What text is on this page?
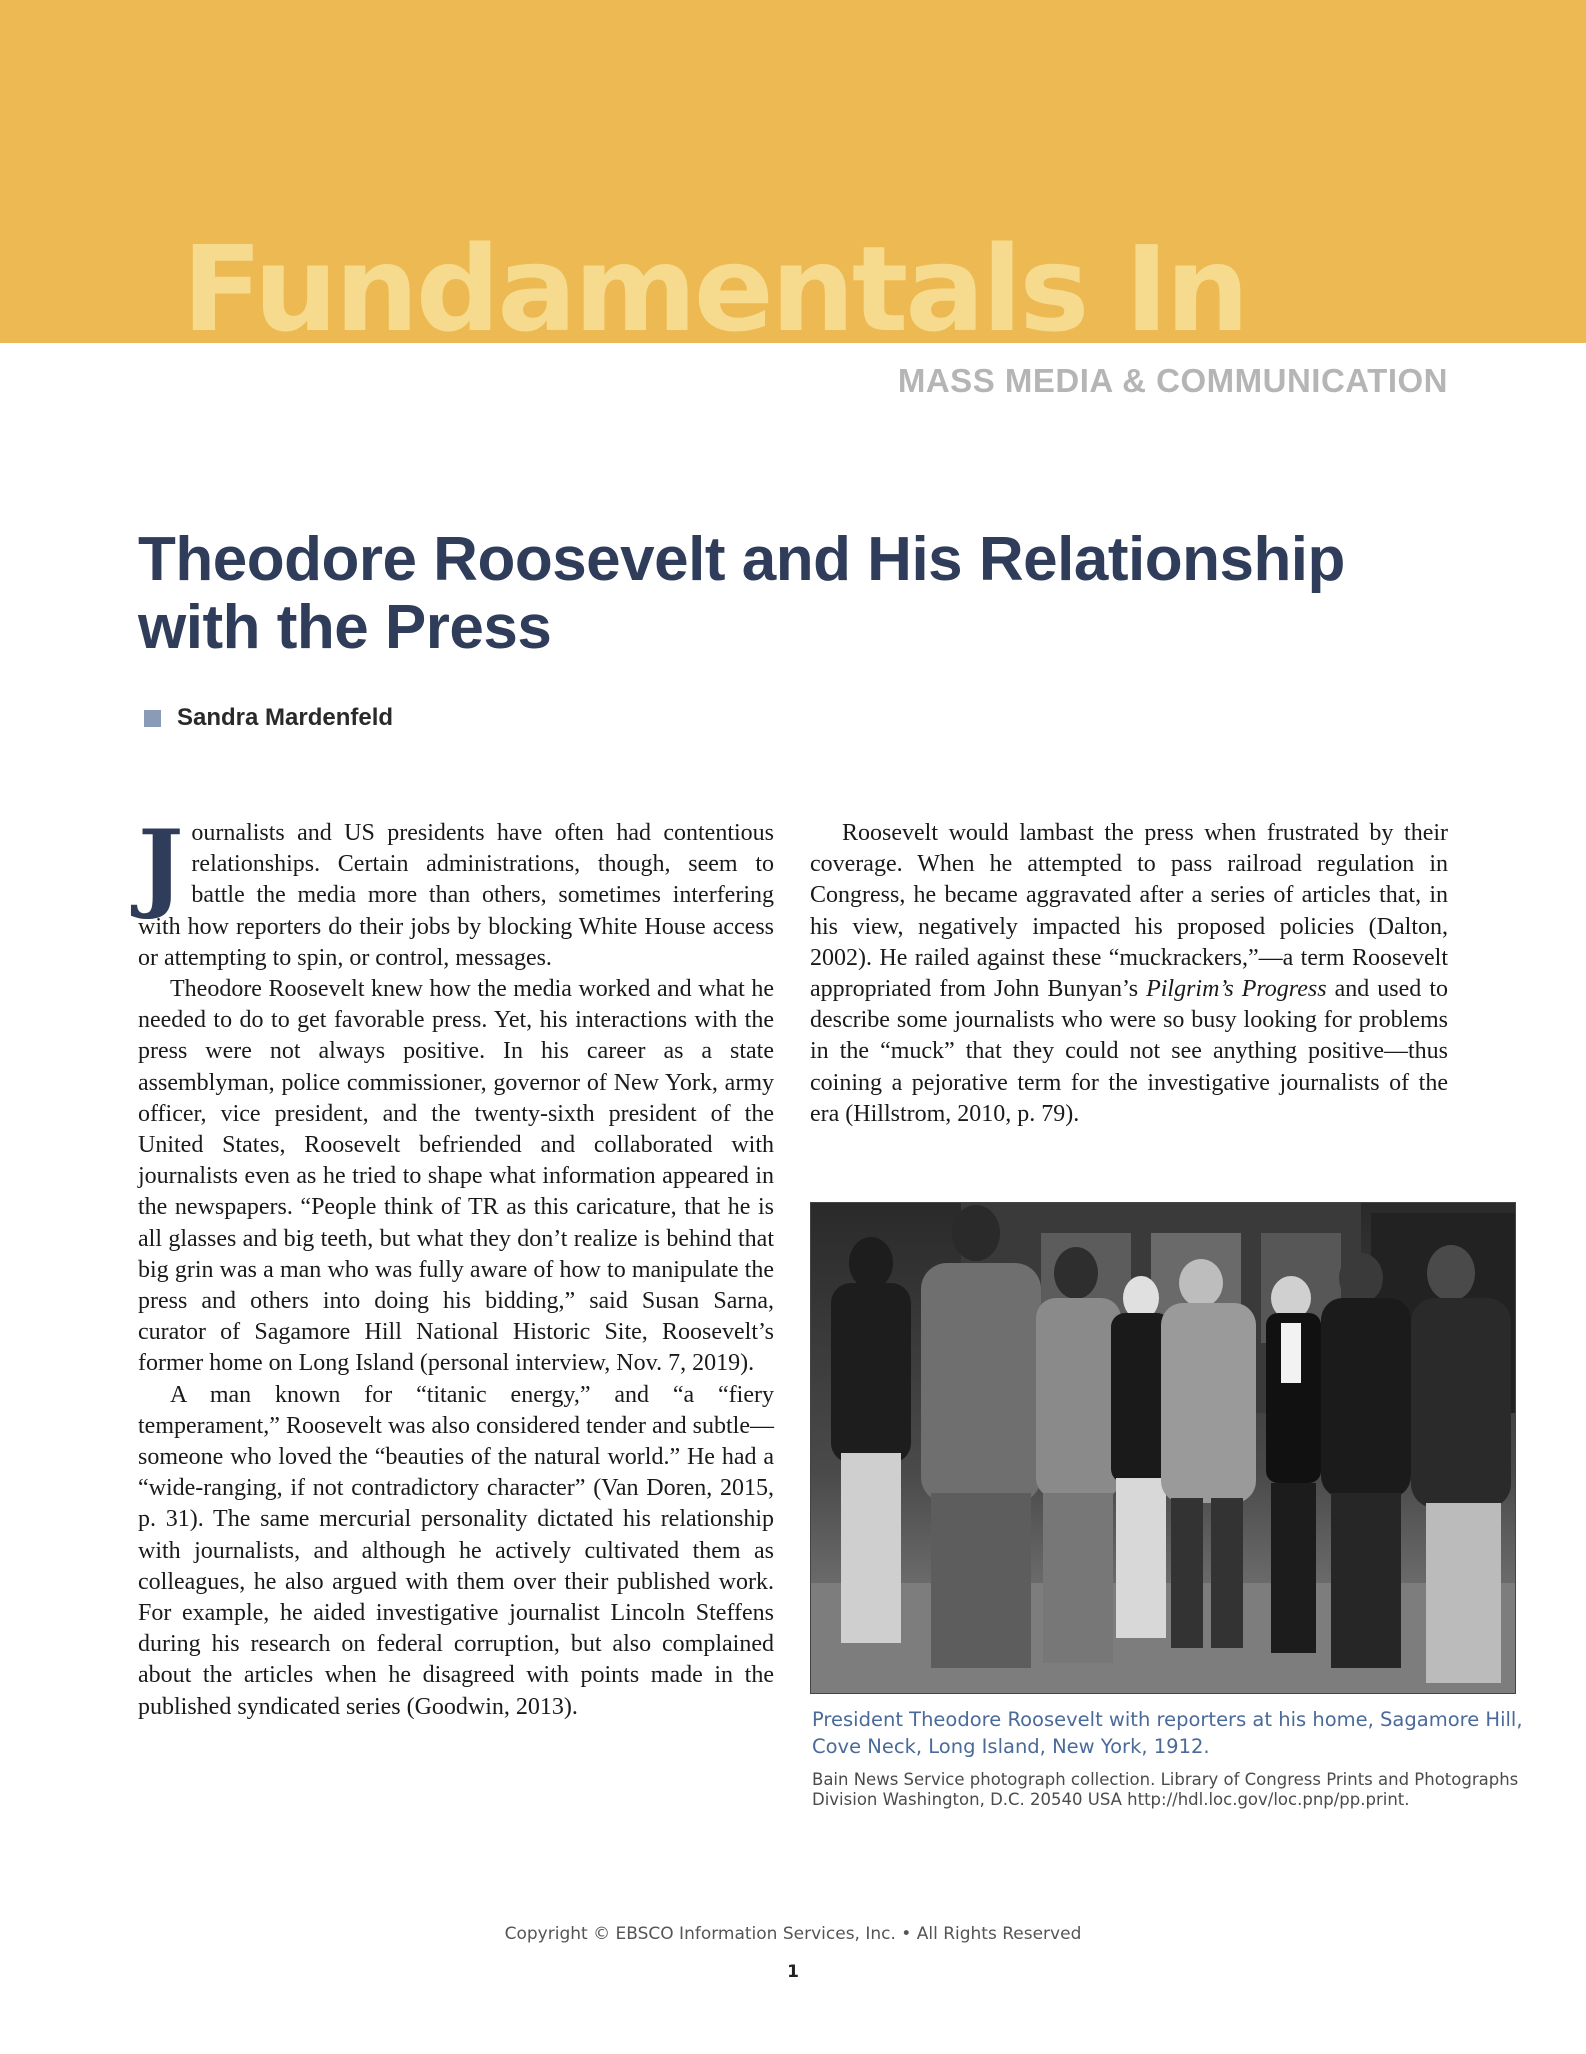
Fundamentals In
MASS MEDIA & COMMUNICATION
Theodore Roosevelt and His Relationship
with the Press
Sandra Mardenfeld

Journalists and US presidents have often had contentious relationships. Certain administrations, though, seem to battle the media more than others, sometimes interfering with how reporters do their jobs by blocking White House access or attempting to spin, or control, messages.

Theodore Roosevelt knew how the media worked and what he needed to do to get favorable press. Yet, his interactions with the press were not always positive. In his career as a state assemblyman, police commissioner, governor of New York, army officer, vice president, and the twenty-sixth president of the United States, Roosevelt befriended and collaborated with journalists even as he tried to shape what information appeared in the newspapers. “People think of TR as this caricature, that he is all glasses and big teeth, but what they don’t realize is behind that big grin was a man who was fully aware of how to manipulate the press and others into doing his bidding,” said Susan Sarna, curator of Sagamore Hill National Historic Site, Roosevelt’s former home on Long Island (personal interview, Nov. 7, 2019).

A man known for “titanic energy,” and “a “fiery temperament,” Roosevelt was also considered tender and subtle—someone who loved the “beauties of the natural world.” He had a “wide-ranging, if not contradictory character” (Van Doren, 2015, p. 31). The same mercurial personality dictated his relationship with journalists, and although he actively cultivated them as colleagues, he also argued with them over their published work. For example, he aided investigative journalist Lincoln Steffens during his research on federal corruption, but also complained about the articles when he disagreed with points made in the published syndicated series (Goodwin, 2013).

Roosevelt would lambast the press when frustrated by their coverage. When he attempted to pass railroad regulation in Congress, he became aggravated after a series of articles that, in his view, negatively impacted his proposed policies (Dalton, 2002). He railed against these “muckrackers,”—a term Roosevelt appropriated from John Bunyan’s Pilgrim’s Progress and used to describe some journalists who were so busy looking for problems in the “muck” that they could not see anything positive—thus coining a pejorative term for the investigative journalists of the era (Hillstrom, 2010, p. 79).

President Theodore Roosevelt with reporters at his home, Sagamore Hill, Cove Neck, Long Island, New York, 1912.
Bain News Service photograph collection. Library of Congress Prints and Photographs Division Washington, D.C. 20540 USA http://hdl.loc.gov/loc.pnp/pp.print.
Copyright © EBSCO Information Services, Inc. • All Rights Reserved
1
